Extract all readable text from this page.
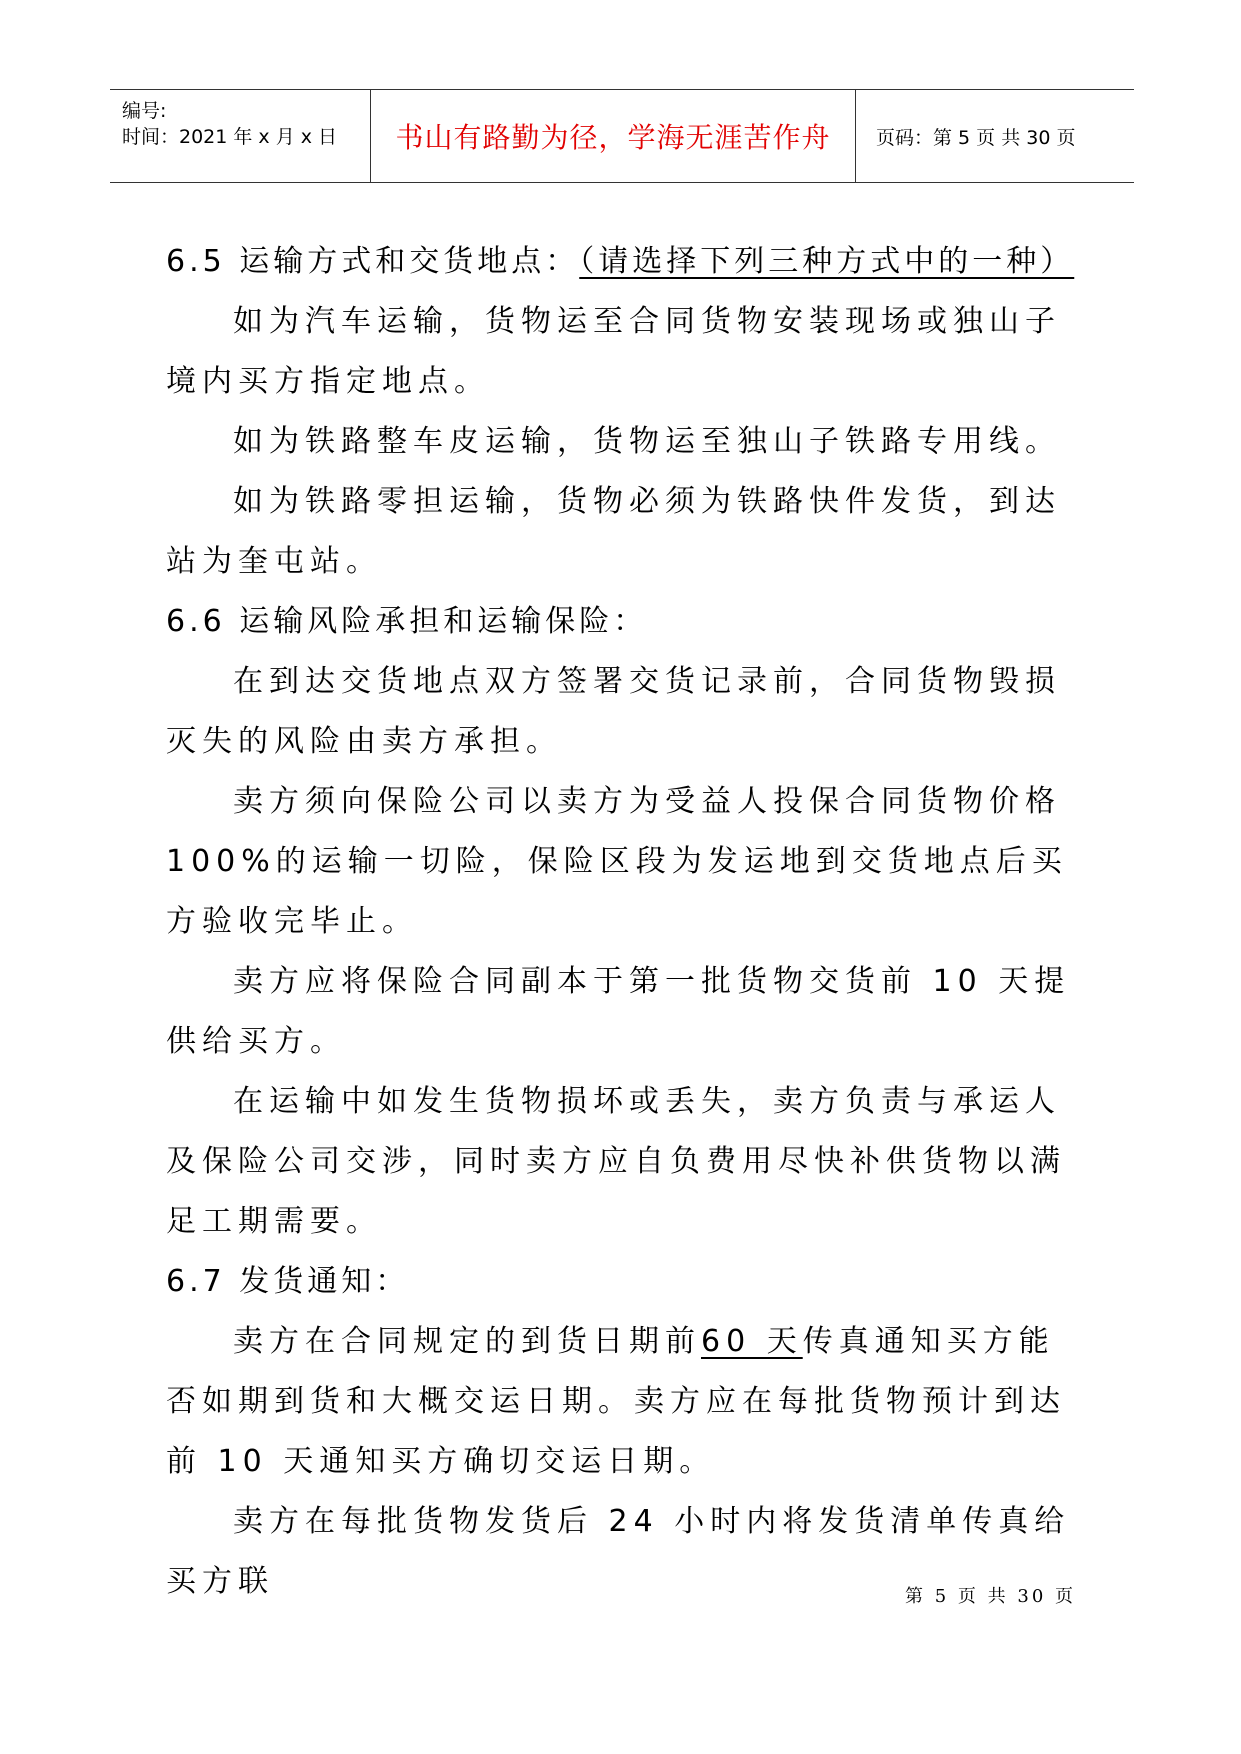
编号:
时间：2021 年 x 月 x 日 书山有路勤为径，学海无涯苦作舟 页码：第 5 页 共 30 页

6.5 运输方式和交货地点：（请选择下列三种方式中的一种）

如为汽车运输，货物运至合同货物安装现场或独山子境内买方指定地点。

如为铁路整车皮运输，货物运至独山子铁路专用线。

如为铁路零担运输，货物必须为铁路快件发货，到达站为奎屯站。

6.6 运输风险承担和运输保险：

在到达交货地点双方签署交货记录前，合同货物毁损灭失的风险由卖方承担。

卖方须向保险公司以卖方为受益人投保合同货物价格 100%的运输一切险，保险区段为发运地到交货地点后买方验收完毕止。

卖方应将保险合同副本于第一批货物交货前 10 天提供给买方。

在运输中如发生货物损坏或丢失，卖方负责与承运人及保险公司交涉，同时卖方应自负费用尽快补供货物以满足工期需要。

6.7 发货通知：

卖方在合同规定的到货日期前60 天传真通知买方能否如期到货和大概交运日期。卖方应在每批货物预计到达前 10 天通知买方确切交运日期。

卖方在每批货物发货后 24 小时内将发货清单传真给买方联	第 5 页 共 30 页
